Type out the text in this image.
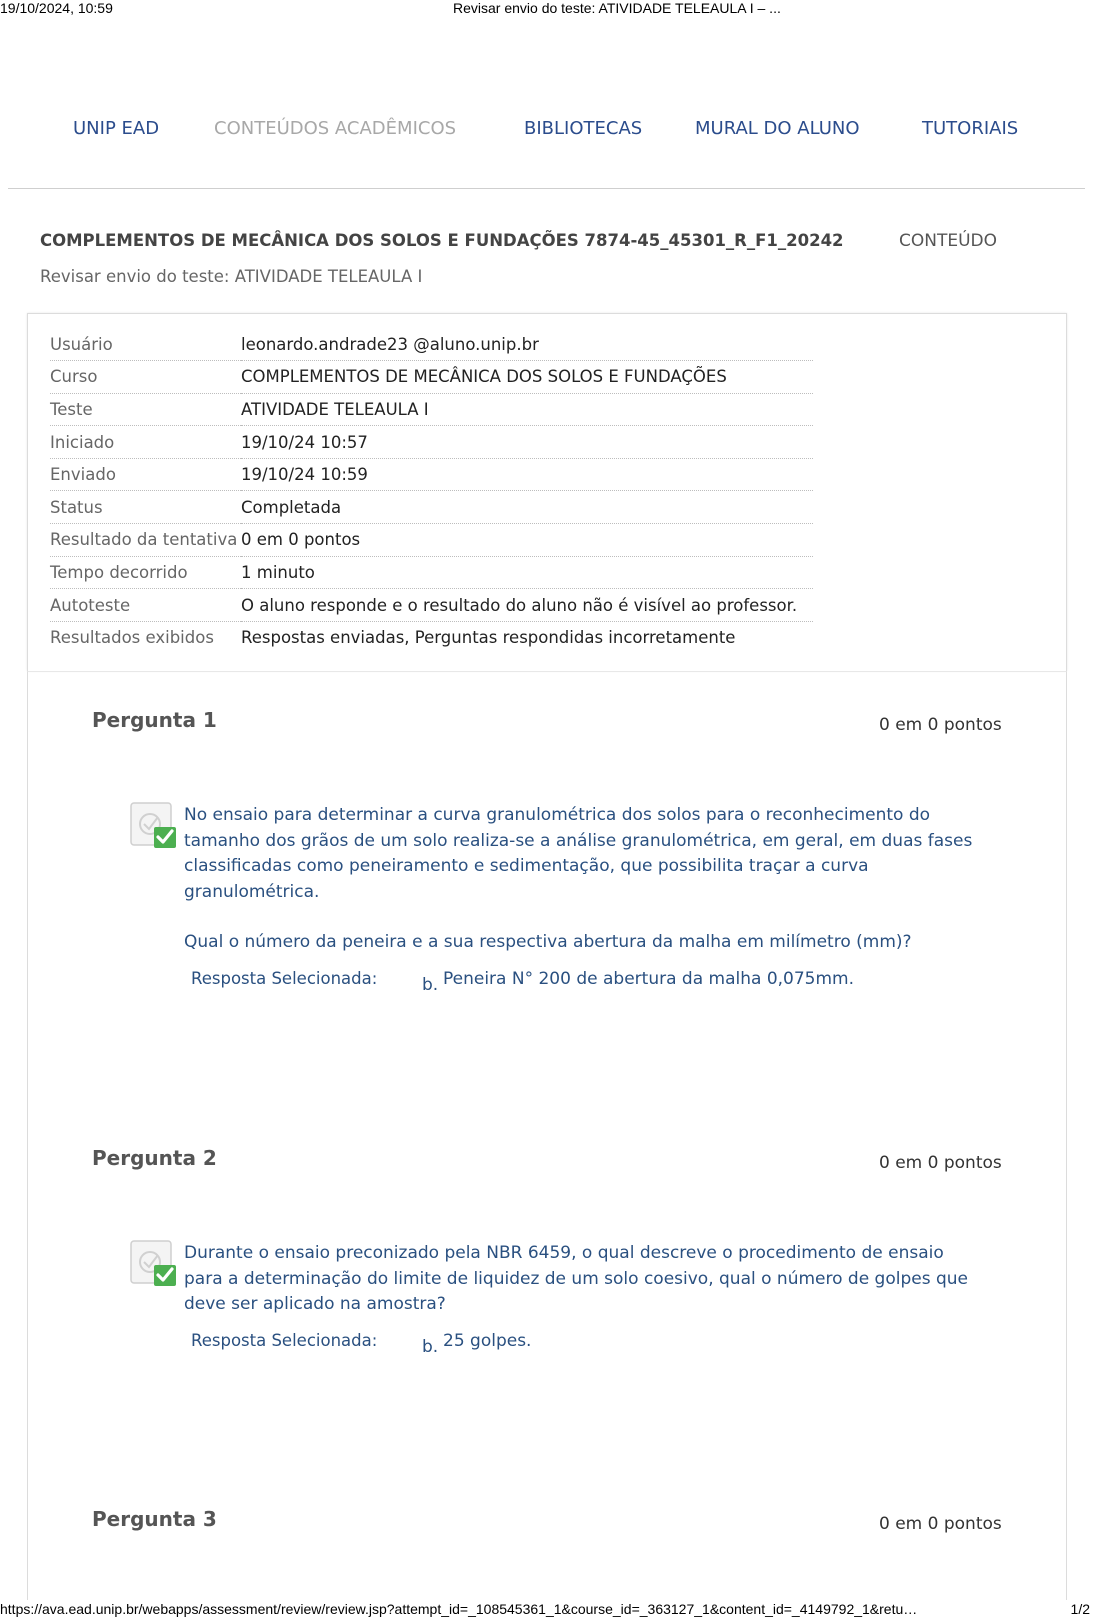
19/10/2024, 10:59	Revisar envio do teste: ATIVIDADE TELEAULA I – ...
UNIP EAD	CONTEÚDOS ACADÊMICOS	BIBLIOTECAS	MURAL DO ALUNO	TUTORIAIS
COMPLEMENTOS DE MECÂNICA DOS SOLOS E FUNDAÇÕES 7874-45_45301_R_F1_20242	CONTEÚDO
Revisar envio do teste: ATIVIDADE TELEAULA I
Usuário	leonardo.andrade23 @aluno.unip.br
Curso	COMPLEMENTOS DE MECÂNICA DOS SOLOS E FUNDAÇÕES
Teste	ATIVIDADE TELEAULA I
Iniciado	19/10/24 10:57
Enviado	19/10/24 10:59
Status	Completada
Resultado da tentativa	0 em 0 pontos
Tempo decorrido	1 minuto
Autoteste	O aluno responde e o resultado do aluno não é visível ao professor.
Resultados exibidos	Respostas enviadas, Perguntas respondidas incorretamente
Pergunta 1	0 em 0 pontos

No ensaio para determinar a curva granulométrica dos solos para o reconhecimento do tamanho dos grãos de um solo realiza-se a análise granulométrica, em geral, em duas fases classificadas como peneiramento e sedimentação, que possibilita traçar a curva granulométrica.

Qual o número da peneira e a sua respectiva abertura da malha em milímetro (mm)?

Resposta Selecionada:	b. Peneira N° 200 de abertura da malha 0,075mm.
Pergunta 2	0 em 0 pontos

Durante o ensaio preconizado pela NBR 6459, o qual descreve o procedimento de ensaio para a determinação do limite de liquidez de um solo coesivo, qual o número de golpes que deve ser aplicado na amostra?

Resposta Selecionada:	b. 25 golpes.
Pergunta 3	0 em 0 pontos
https://ava.ead.unip.br/webapps/assessment/review/review.jsp?attempt_id=_108545361_1&course_id=_363127_1&content_id=_4149792_1&retu…	1/2
